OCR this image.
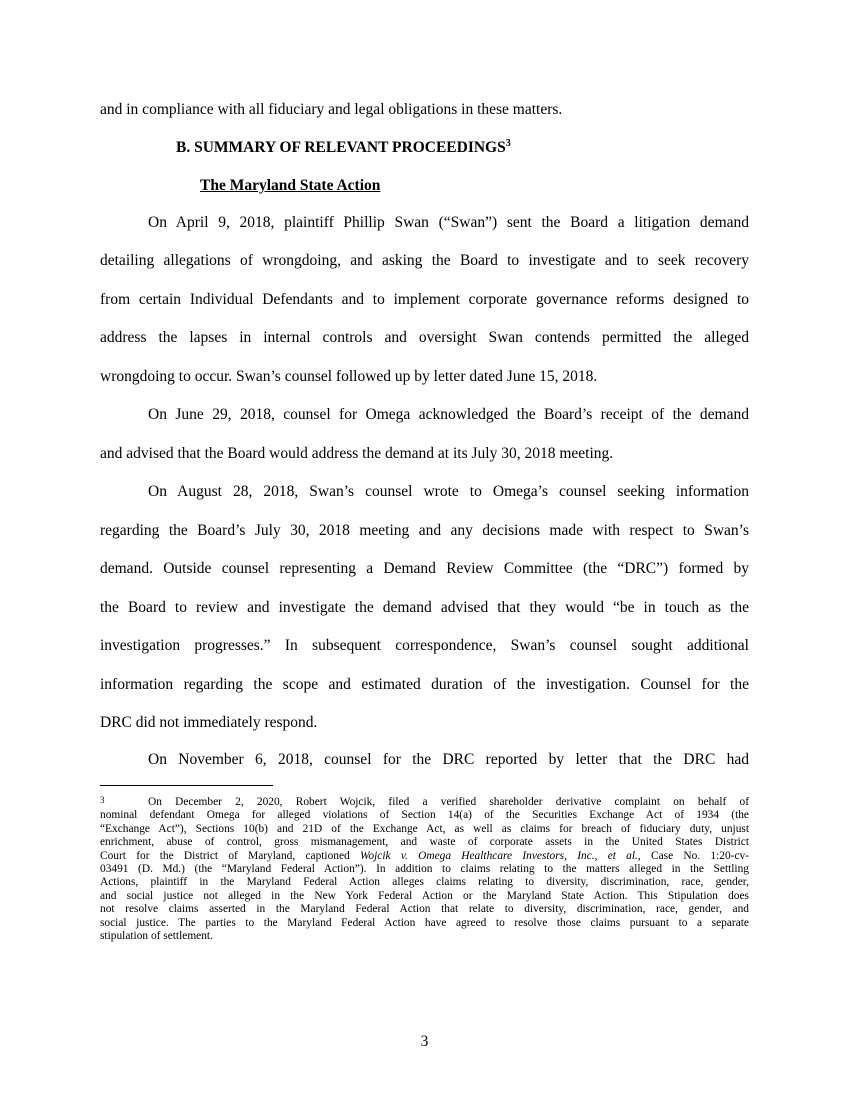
and in compliance with all fiduciary and legal obligations in these matters.
B. SUMMARY OF RELEVANT PROCEEDINGS$^3$
The Maryland State Action
On April 9, 2018, plaintiff Phillip Swan (“Swan”) sent the Board a litigation demand
detailing allegations of wrongdoing, and asking the Board to investigate and to seek recovery
from certain Individual Defendants and to implement corporate governance reforms designed to
address the lapses in internal controls and oversight Swan contends permitted the alleged
wrongdoing to occur. Swan’s counsel followed up by letter dated June 15, 2018.
On June 29, 2018, counsel for Omega acknowledged the Board’s receipt of the demand
and advised that the Board would address the demand at its July 30, 2018 meeting.
On August 28, 2018, Swan’s counsel wrote to Omega’s counsel seeking information
regarding the Board’s July 30, 2018 meeting and any decisions made with respect to Swan’s
demand. Outside counsel representing a Demand Review Committee (the “DRC”) formed by
the Board to review and investigate the demand advised that they would “be in touch as the
investigation progresses.” In subsequent correspondence, Swan’s counsel sought additional
information regarding the scope and estimated duration of the investigation. Counsel for the
DRC did not immediately respond.
On November 6, 2018, counsel for the DRC reported by letter that the DRC had
3	On December 2, 2020, Robert Wojcik, filed a verified shareholder derivative complaint on behalf of
nominal defendant Omega for alleged violations of Section 14(a) of the Securities Exchange Act of 1934 (the
“Exchange Act”), Sections 10(b) and 21D of the Exchange Act, as well as claims for breach of fiduciary duty, unjust
enrichment, abuse of control, gross mismanagement, and waste of corporate assets in the United States District
Court for the District of Maryland, captioned Wojcik v. Omega Healthcare Investors, Inc., et al., Case No. 1:20-cv-
03491 (D. Md.) (the “Maryland Federal Action”). In addition to claims relating to the matters alleged in the Settling
Actions, plaintiff in the Maryland Federal Action alleges claims relating to diversity, discrimination, race, gender,
and social justice not alleged in the New York Federal Action or the Maryland State Action. This Stipulation does
not resolve claims asserted in the Maryland Federal Action that relate to diversity, discrimination, race, gender, and
social justice. The parties to the Maryland Federal Action have agreed to resolve those claims pursuant to a separate
stipulation of settlement.
3
